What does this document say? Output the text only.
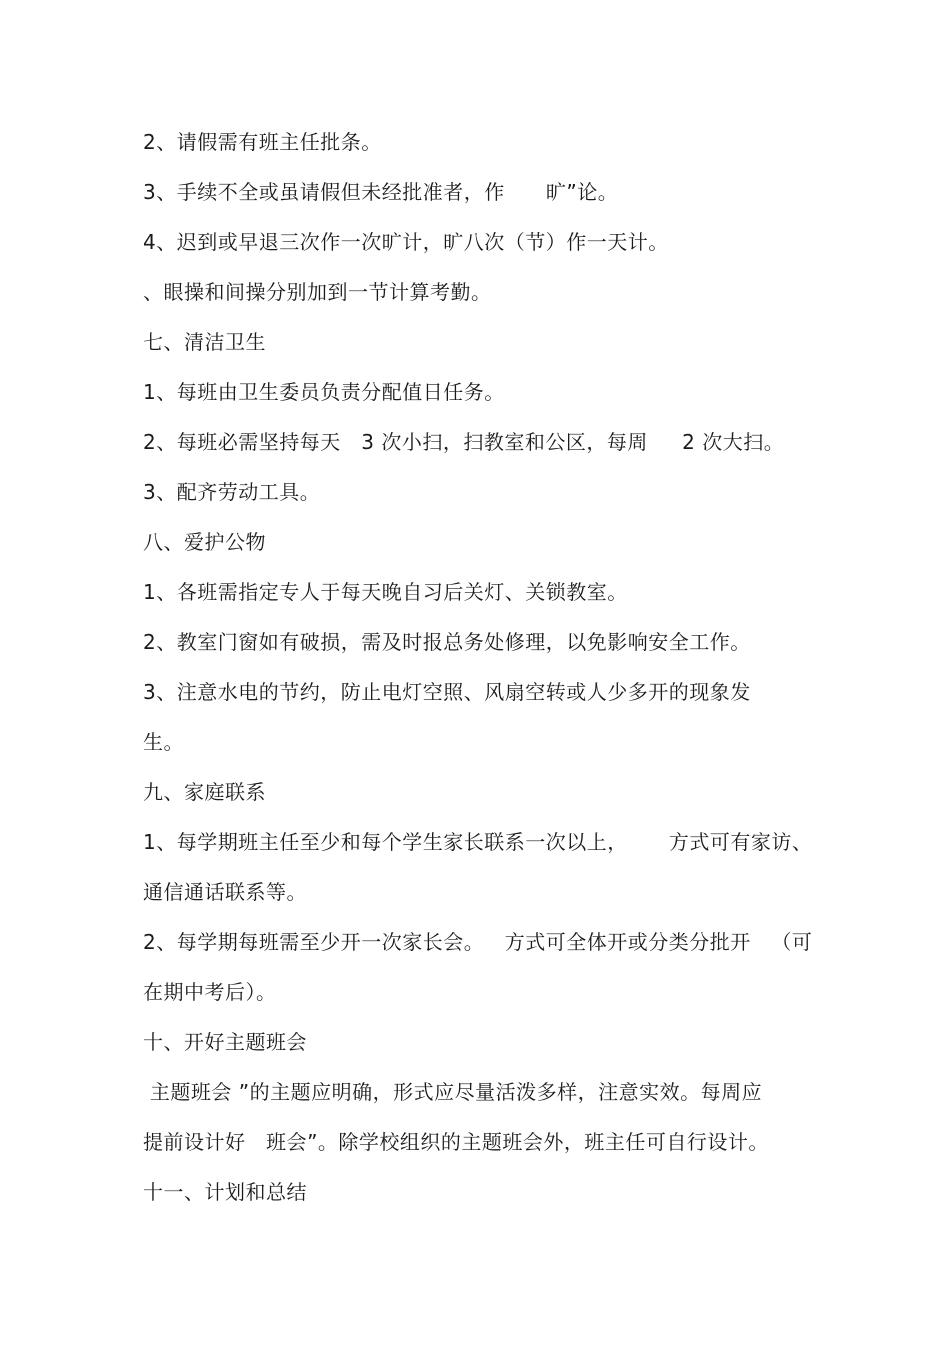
2、请假需有班主任批条。
3、手续不全或虽请假但未经批准者，作      旷”论。
4、迟到或早退三次作一次旷计，旷八次（节）作一天计。
、眼操和间操分别加到一节计算考勤。
七、清洁卫生
1、每班由卫生委员负责分配值日任务。
2、每班必需坚持每天   3 次小扫，扫教室和公区，每周     2 次大扫。
3、配齐劳动工具。
八、爱护公物
1、各班需指定专人于每天晚自习后关灯、关锁教室。
2、教室门窗如有破损，需及时报总务处修理，以免影响安全工作。
3、注意水电的节约，防止电灯空照、风扇空转或人少多开的现象发
生。
九、家庭联系
1、每学期班主任至少和每个学生家长联系一次以上，      方式可有家访、
通信通话联系等。
2、每学期每班需至少开一次家长会。   方式可全体开或分类分批开   （可
在期中考后）。
十、开好主题班会
主题班会 ”的主题应明确，形式应尽量活泼多样，注意实效。每周应
提前设计好   班会”。除学校组织的主题班会外，班主任可自行设计。
十一、计划和总结
